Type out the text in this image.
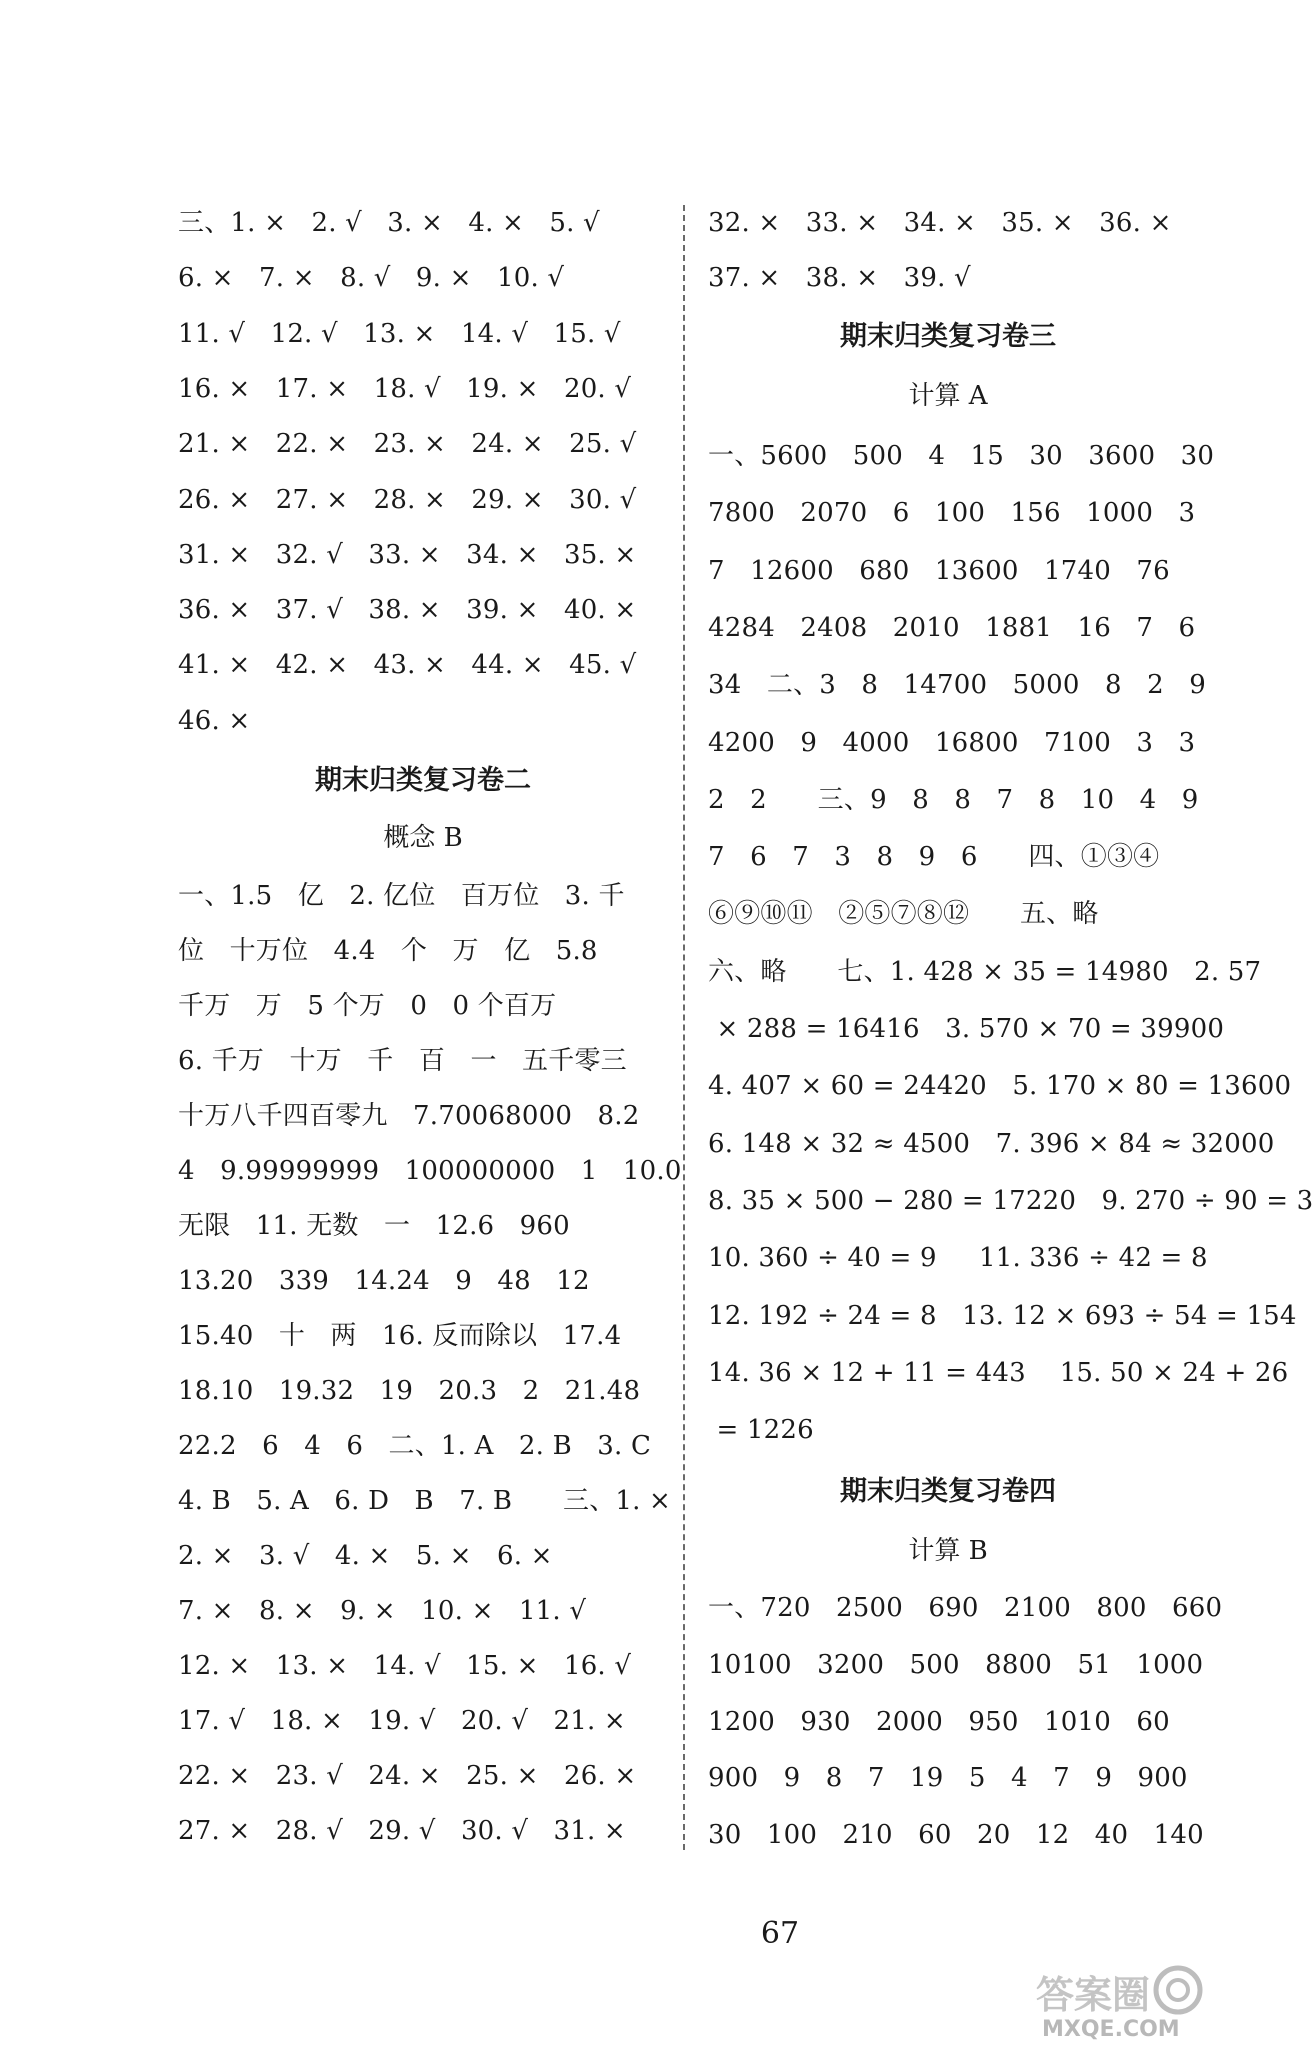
三、1. ×   2. √   3. ×   4. ×   5. √
6. ×   7. ×   8. √   9. ×   10. √
11. √   12. √   13. ×   14. √   15. √
16. ×   17. ×   18. √   19. ×   20. √
21. ×   22. ×   23. ×   24. ×   25. √
26. ×   27. ×   28. ×   29. ×   30. √
31. ×   32. √   33. ×   34. ×   35. ×
36. ×   37. √   38. ×   39. ×   40. ×
41. ×   42. ×   43. ×   44. ×   45. √
46. ×
期末归类复习卷二
概念 B
一、1.5   亿   2. 亿位   百万位   3. 千
位   十万位   4.4   个   万   亿   5.8
千万   万   5 个万   0   0 个百万
6. 千万   十万   千   百   一   五千零三
十万八千四百零九   7.70068000   8.2
4   9.99999999   100000000   1   10.0
无限   11. 无数   一   12.6   960
13.20   339   14.24   9   48   12
15.40   十   两   16. 反而除以   17.4
18.10   19.32   19   20.3   2   21.48
22.2   6   4   6   二、1. A   2. B   3. C
4. B   5. A   6. D   B   7. B      三、1. ×
2. ×   3. √   4. ×   5. ×   6. ×
7. ×   8. ×   9. ×   10. ×   11. √
12. ×   13. ×   14. √   15. ×   16. √
17. √   18. ×   19. √   20. √   21. ×
22. ×   23. √   24. ×   25. ×   26. ×
27. ×   28. √   29. √   30. √   31. ×
32. ×   33. ×   34. ×   35. ×   36. ×
37. ×   38. ×   39. √
期末归类复习卷三
计算 A
一、5600   500   4   15   30   3600   30
7800   2070   6   100   156   1000   3
7   12600   680   13600   1740   76
4284   2408   2010   1881   16   7   6
34   二、3   8   14700   5000   8   2   9
4200   9   4000   16800   7100   3   3
2   2      三、9   8   8   7   8   10   4   9
7   6   7   3   8   9   6      四、①③④
⑥⑨⑩⑪   ②⑤⑦⑧⑫      五、略
六、略      七、1. 428 × 35 = 14980   2. 57
× 288 = 16416   3. 570 × 70 = 39900
4. 407 × 60 = 24420   5. 170 × 80 = 13600
6. 148 × 32 ≈ 4500   7. 396 × 84 ≈ 32000
8. 35 × 500 − 280 = 17220   9. 270 ÷ 90 = 3
10. 360 ÷ 40 = 9     11. 336 ÷ 42 = 8
12. 192 ÷ 24 = 8   13. 12 × 693 ÷ 54 = 154
14. 36 × 12 + 11 = 443    15. 50 × 24 + 26
= 1226
期末归类复习卷四
计算 B
一、720   2500   690   2100   800   660
10100   3200   500   8800   51   1000
1200   930   2000   950   1010   60
900   9   8   7   19   5   4   7   9   900
30   100   210   60   20   12   40   140
67
答案圈
MXQE.COM
